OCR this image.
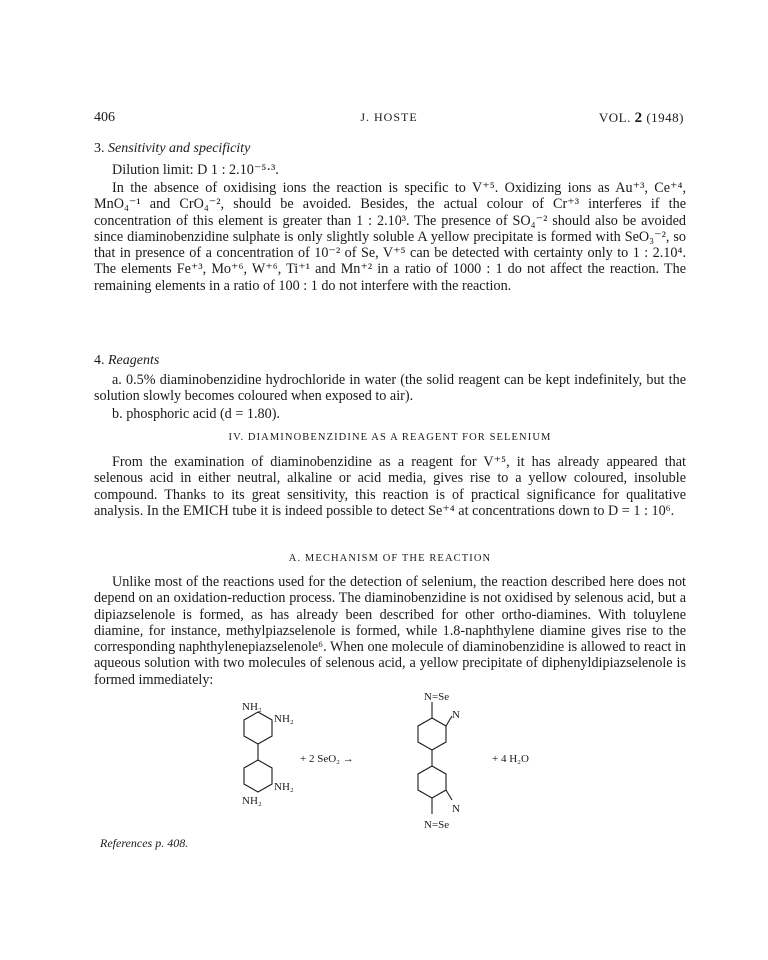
406	J. HOSTE	VOL. 2 (1948)
3. Sensitivity and specificity
Dilution limit: D 1 : 2.10⁻⁵·³.
In the absence of oxidising ions the reaction is specific to V⁺⁵. Oxidizing ions as Au⁺³, Ce⁺⁴, MnO₄⁻¹ and CrO₄⁻², should be avoided. Besides, the actual colour of Cr⁺³ interferes if the concentration of this element is greater than 1 : 2.10³. The presence of SO₄⁻² should also be avoided since diaminobenzidine sulphate is only slightly soluble A yellow precipitate is formed with SeO₃⁻², so that in presence of a concentration of 10⁻² of Se, V⁺⁵ can be detected with certainty only to 1 : 2.10⁴. The elements Fe⁺³, Mo⁺⁶, W⁺⁶, Ti⁺¹ and Mn⁺² in a ratio of 1000 : 1 do not affect the reaction. The remaining elements in a ratio of 100 : 1 do not interfere with the reaction.
4. Reagents
a. 0.5% diaminobenzidine hydrochloride in water (the solid reagent can be kept indefinitely, but the solution slowly becomes coloured when exposed to air).
b. phosphoric acid (d = 1.80).
IV. DIAMINOBENZIDINE AS A REAGENT FOR SELENIUM
From the examination of diaminobenzidine as a reagent for V⁺⁵, it has already appeared that selenous acid in either neutral, alkaline or acid media, gives rise to a yellow coloured, insoluble compound. Thanks to its great sensitivity, this reaction is of practical significance for qualitative analysis. In the EMICH tube it is indeed possible to detect Se⁺⁴ at concentrations down to D = 1 : 10⁶.
A. MECHANISM OF THE REACTION
Unlike most of the reactions used for the detection of selenium, the reaction described here does not depend on an oxidation-reduction process. The diaminobenzidine is not oxidised by selenous acid, but a dipiazselenole is formed, as has already been described for other ortho-diamines. With toluylene diamine, for instance, methylpiazselenole is formed, while 1.8-naphthylene diamine gives rise to the corresponding naphthylenepiazselenole⁶. When one molecule of diaminobenzidine is allowed to react in aqueous solution with two molecules of selenous acid, a yellow precipitate of diphenyldipiazselenole is formed immediately:
NH₂
NH₂
NH₂
NH₂
+ 2 SeO₂ →
N=Se
N
N
N=Se
+ 4 H₂O
References p. 408.
